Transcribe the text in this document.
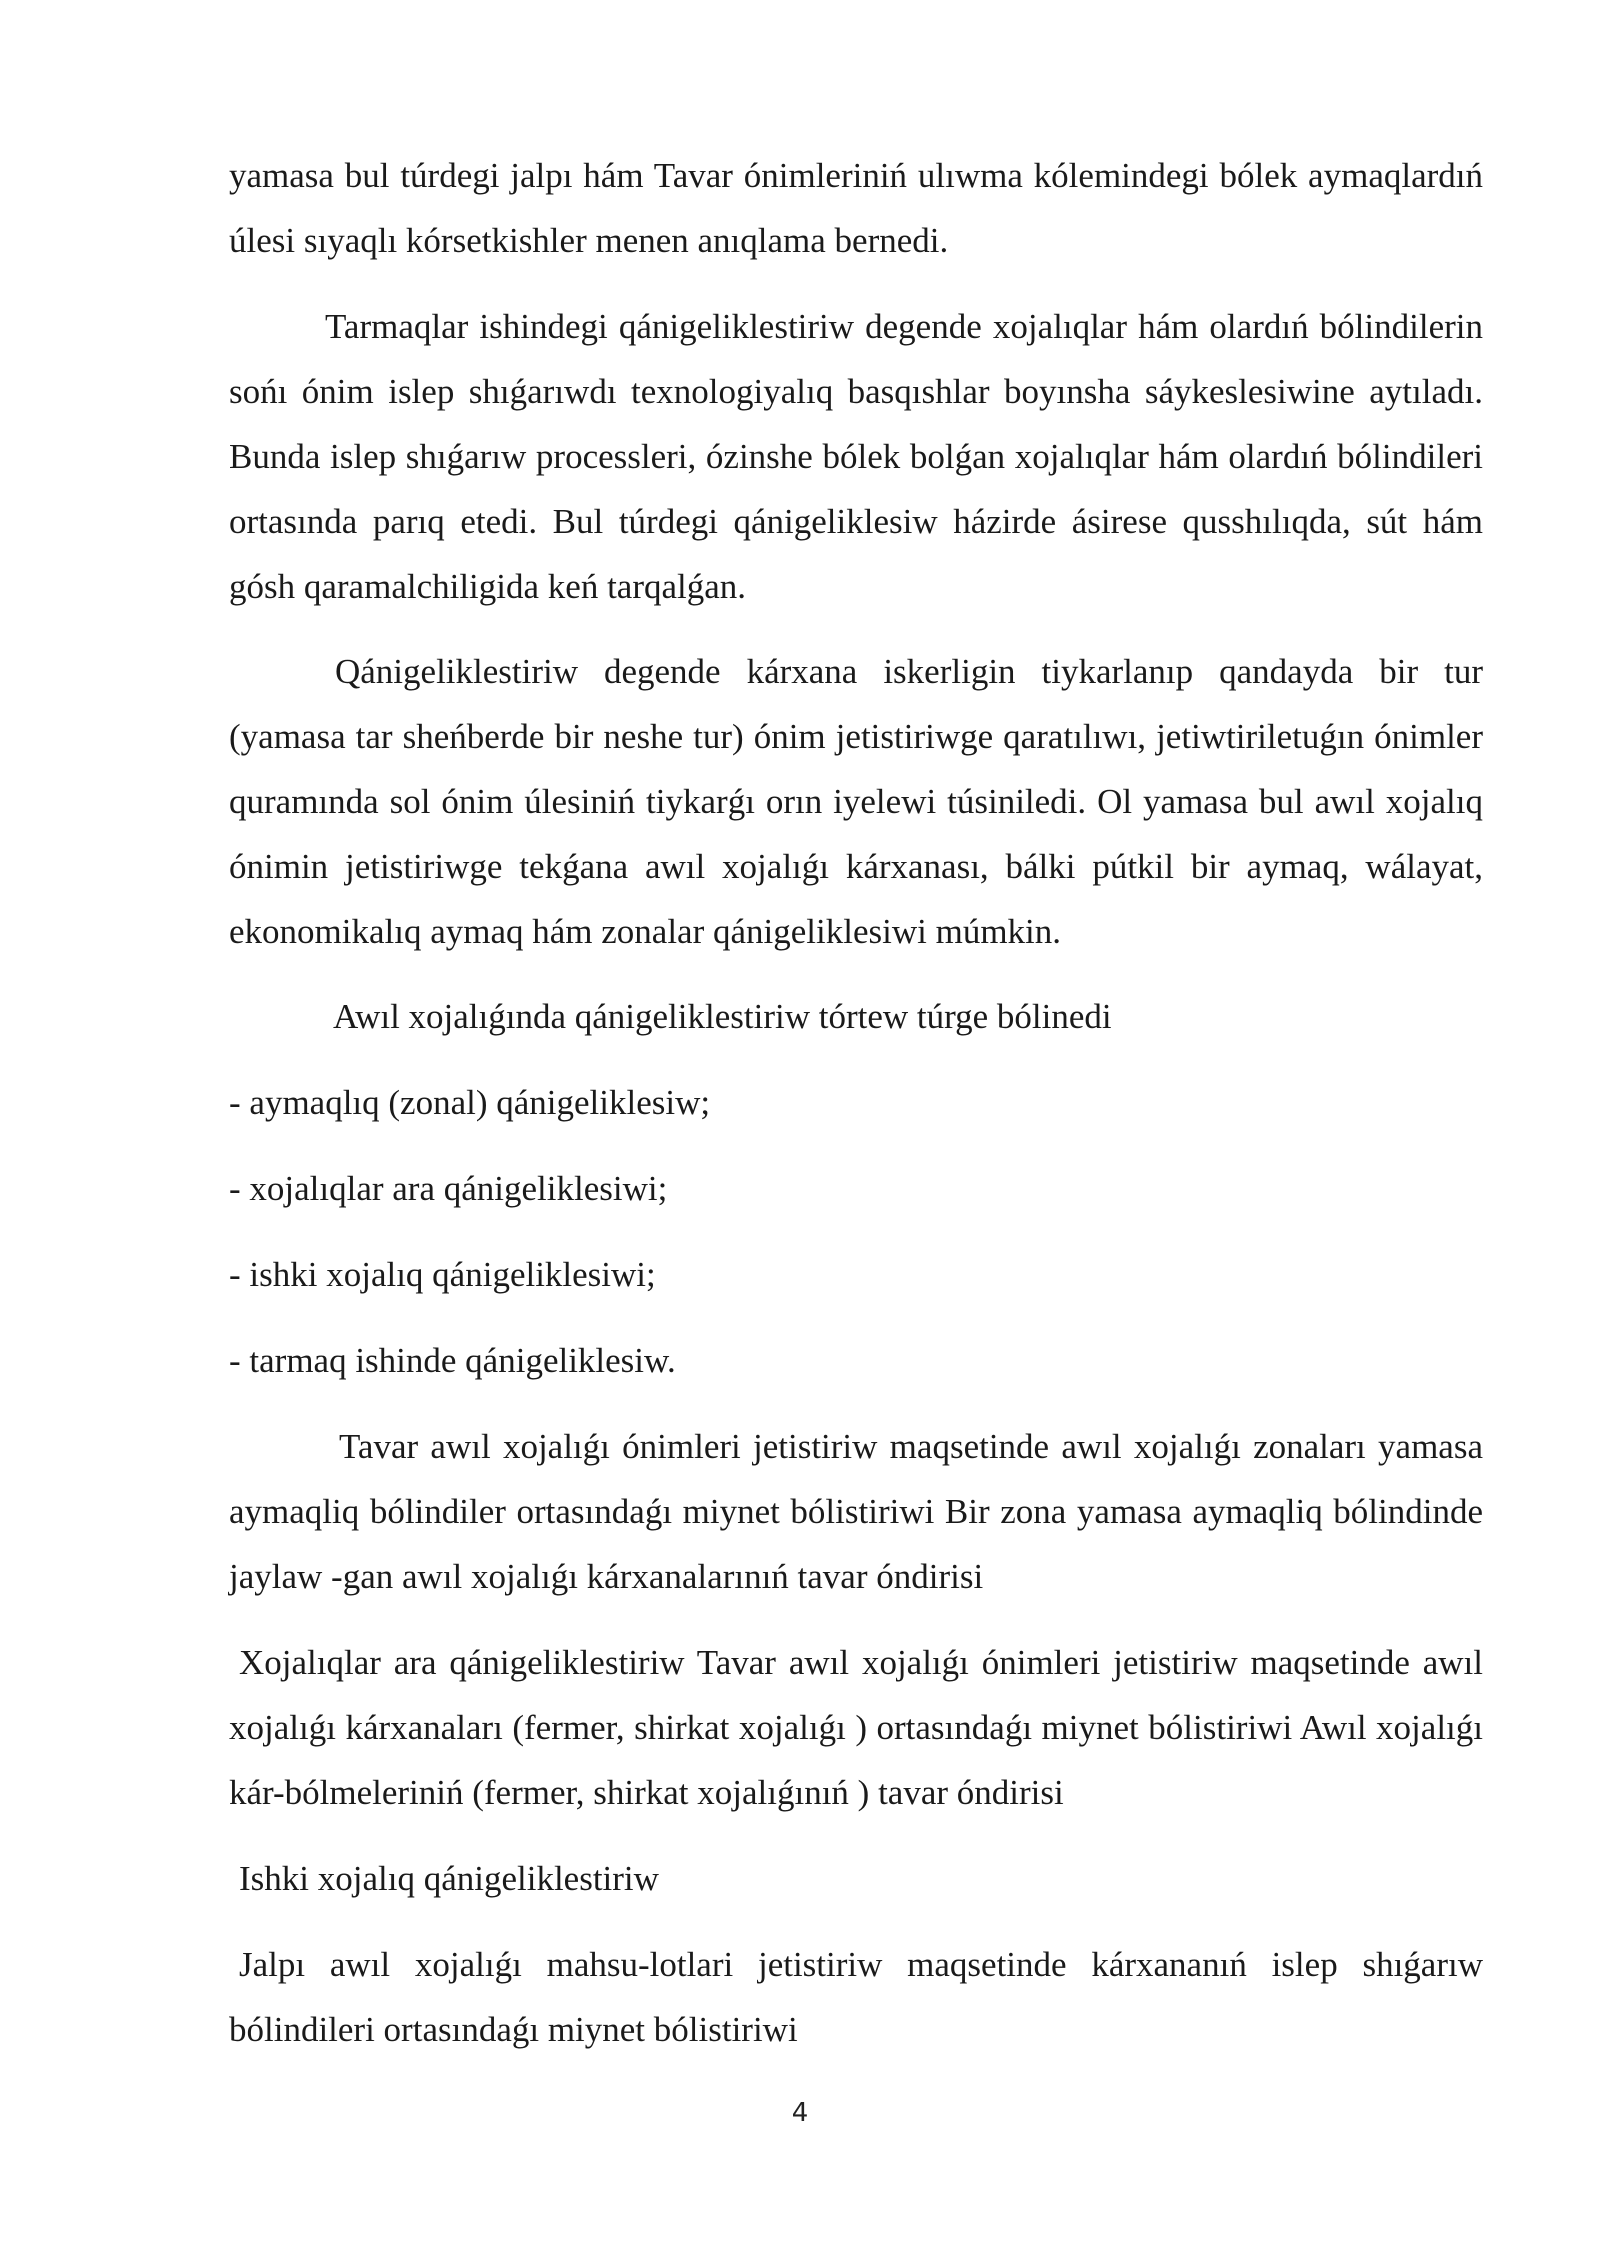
yamasa bul túrdegi jalpı hám Tavar ónimleriniń ulıwma kólemindegi bólek aymaqlardıń úlesi sıyaqlı kórsetkishler menen anıqlama bernedi.

Tarmaqlar ishindegi qánigeliklestiriw degende xojalıqlar hám olardıń bólindilerin sońı ónim islep shıǵarıwdı texnologiyalıq basqıshlar boyınsha sáykeslesiwine aytıladı. Bunda islep shıǵarıw processleri, ózinshe bólek bolǵan xojalıqlar hám olardıń bólindileri ortasında parıq etedi. Bul túrdegi qánigeliklesiw házirde ásirese qusshılıqda, sút hám gósh qaramalchiligida keń tarqalǵan.

Qánigeliklestiriw degende kárxana iskerligin tiykarlanıp qandayda bir tur (yamasa tar sheńberde bir neshe tur) ónim jetistiriwge qaratılıwı, jetiwtiriletuǵın ónimler quramında sol ónim úlesiniń tiykarǵı orın iyelewi túsiniledi. Ol yamasa bul awıl xojalıq ónimin jetistiriwge tekǵana awıl xojalıǵı kárxanası, bálki pútkil bir aymaq, wálayat, ekonomikalıq aymaq hám zonalar qánigeliklesiwi múmkin.

Awıl xojalıǵında qánigeliklestiriw tórtew túrge bólinedi

- aymaqlıq (zonal) qánigeliklesiw;

- xojalıqlar ara qánigeliklesiwi;

- ishki xojalıq qánigeliklesiwi;

- tarmaq ishinde qánigeliklesiw.

Tavar awıl xojalıǵı ónimleri jetistiriw maqsetinde awıl xojalıǵı zonaları yamasa aymaqliq bólindiler ortasındaǵı miynet bólistiriwi Bir zona yamasa aymaqliq bólindinde jaylaw -gan awıl xojalıǵı kárxanalarınıń tavar óndirisi

Xojalıqlar ara qánigeliklestiriw Tavar awıl xojalıǵı ónimleri jetistiriw maqsetinde awıl xojalıǵı kárxanaları (fermer, shirkat xojalıǵı ) ortasındaǵı miynet bólistiriwi Awıl xojalıǵı kár-bólmeleriniń (fermer, shirkat xojalıǵınıń ) tavar óndirisi

Ishki xojalıq qánigeliklestiriw

Jalpı awıl xojalıǵı mahsu-lotlari jetistiriw maqsetinde kárxananıń islep shıǵarıw bólindileri ortasındaǵı miynet bólistiriwi

4
